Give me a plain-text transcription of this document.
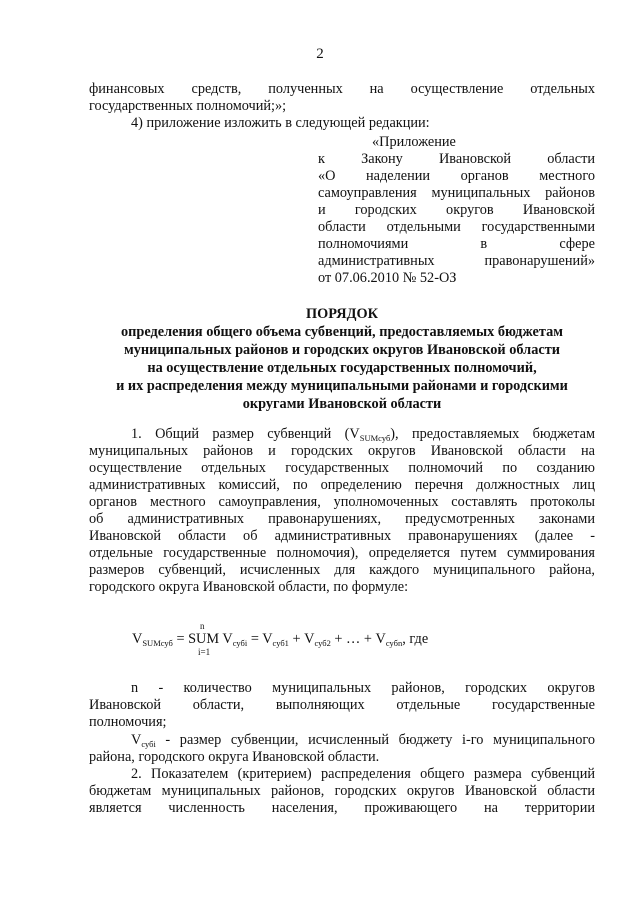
2
финансовых средств, полученных на осуществление отдельных
государственных полномочий;»;
4) приложение изложить в следующей редакции:
«Приложение
к Закону Ивановской области
«О наделении органов местного
самоуправления муниципальных районов
и городских округов Ивановской
области отдельными государственными
полномочиями в сфере
административных правонарушений»
от 07.06.2010 № 52-ОЗ
ПОРЯДОК
определения общего объема субвенций, предоставляемых бюджетам
муниципальных районов и городских округов Ивановской области
на осуществление отдельных государственных полномочий,
и их распределения между муниципальными районами и городскими
округами Ивановской области
1. Общий размер субвенций $(V_{SUMсуб})$, предоставляемых бюджетам
муниципальных районов и городских округов Ивановской области на
осуществление отдельных государственных полномочий по созданию
административных комиссий, по определению перечня должностных лиц
органов местного самоуправления, уполномоченных составлять протоколы
об административных правонарушениях, предусмотренных законами
Ивановской области об административных правонарушениях (далее -
отдельные государственные полномочия), определяется путем суммирования
размеров субвенций, исчисленных для каждого муниципального района,
городского округа Ивановской области, по формуле:
n
$V_{SUMсуб}$ = SUM $V_{субi} = V_{суб1} + V_{суб2}$ + … + $V_{субn}$, где
i=1
n - количество муниципальных районов, городских округов
Ивановской области, выполняющих отдельные государственные
полномочия;
$V_{субi}$ - размер субвенции, исчисленный бюджету i-го муниципального
района, городского округа Ивановской области.
2. Показателем (критерием) распределения общего размера субвенций
бюджетам муниципальных районов, городских округов Ивановской области
является численность населения, проживающего на территории
